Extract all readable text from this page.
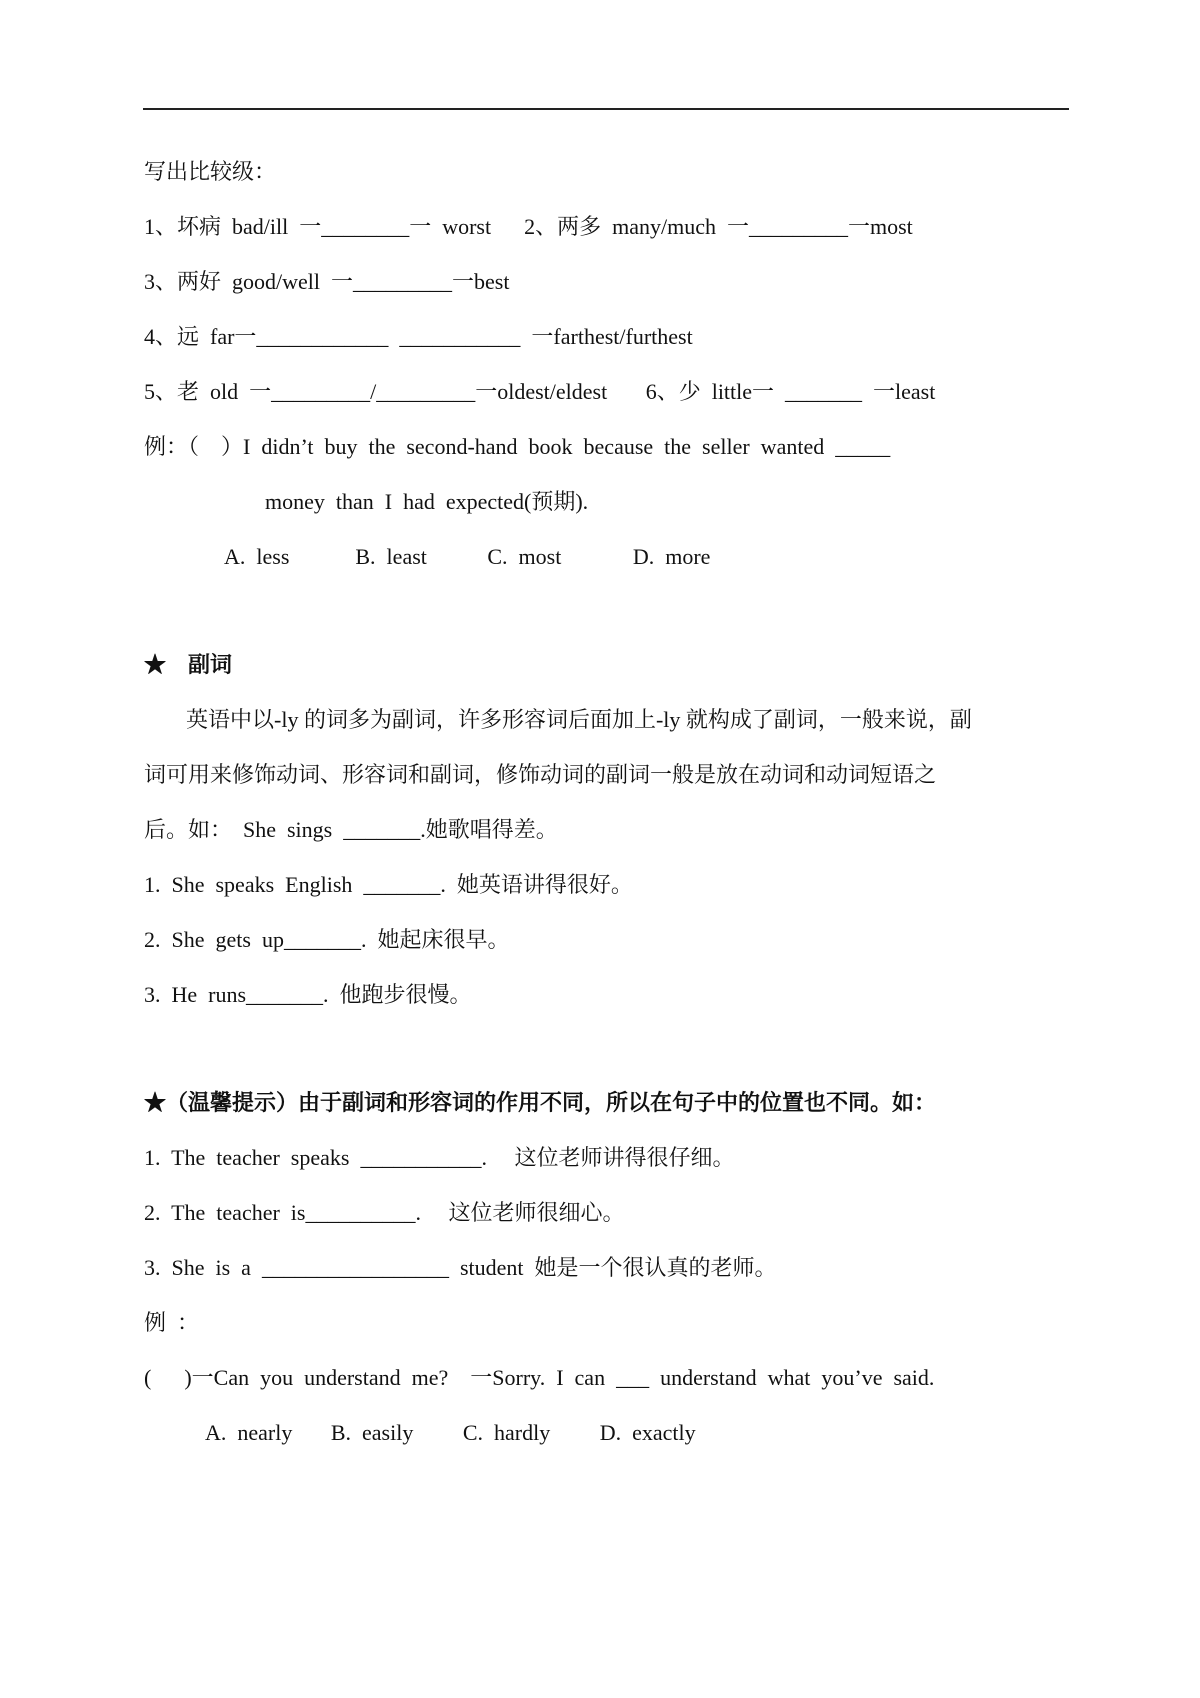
写出比较级：
1、坏病  bad/ill  一________一  worst      2、两多  many/much  一_________一most
3、两好  good/well  一_________一best
4、远  far一____________  ___________  一farthest/furthest
5、老  old  一_________/_________一oldest/eldest       6、少  little一  _______  一least
例：（    ）I  didn’t  buy  the  second-hand  book  because  the  seller  wanted  _____
money  than  I  had  expected(预期).
A.  less            B.  least           C.  most             D.  more
★    副词
英语中以-ly 的词多为副词，许多形容词后面加上-ly 就构成了副词，一般来说，副
词可用来修饰动词、形容词和副词，修饰动词的副词一般是放在动词和动词短语之
后。如：  She  sings  _______.她歌唱得差。
1.  She  speaks  English  _______.  她英语讲得很好。
2.  She  gets  up_______.  她起床很早。
3.  He  runs_______.  他跑步很慢。
★（温馨提示）由于副词和形容词的作用不同，所以在句子中的位置也不同。如：
1.  The  teacher  speaks  ___________.     这位老师讲得很仔细。
2.  The  teacher  is__________.     这位老师很细心。
3.  She  is  a  _________________  student  她是一个很认真的老师。
例  ：
(      )一Can  you  understand  me?    一Sorry.  I  can  ___  understand  what  you’ve  said.
A.  nearly       B.  easily         C.  hardly         D.  exactly
